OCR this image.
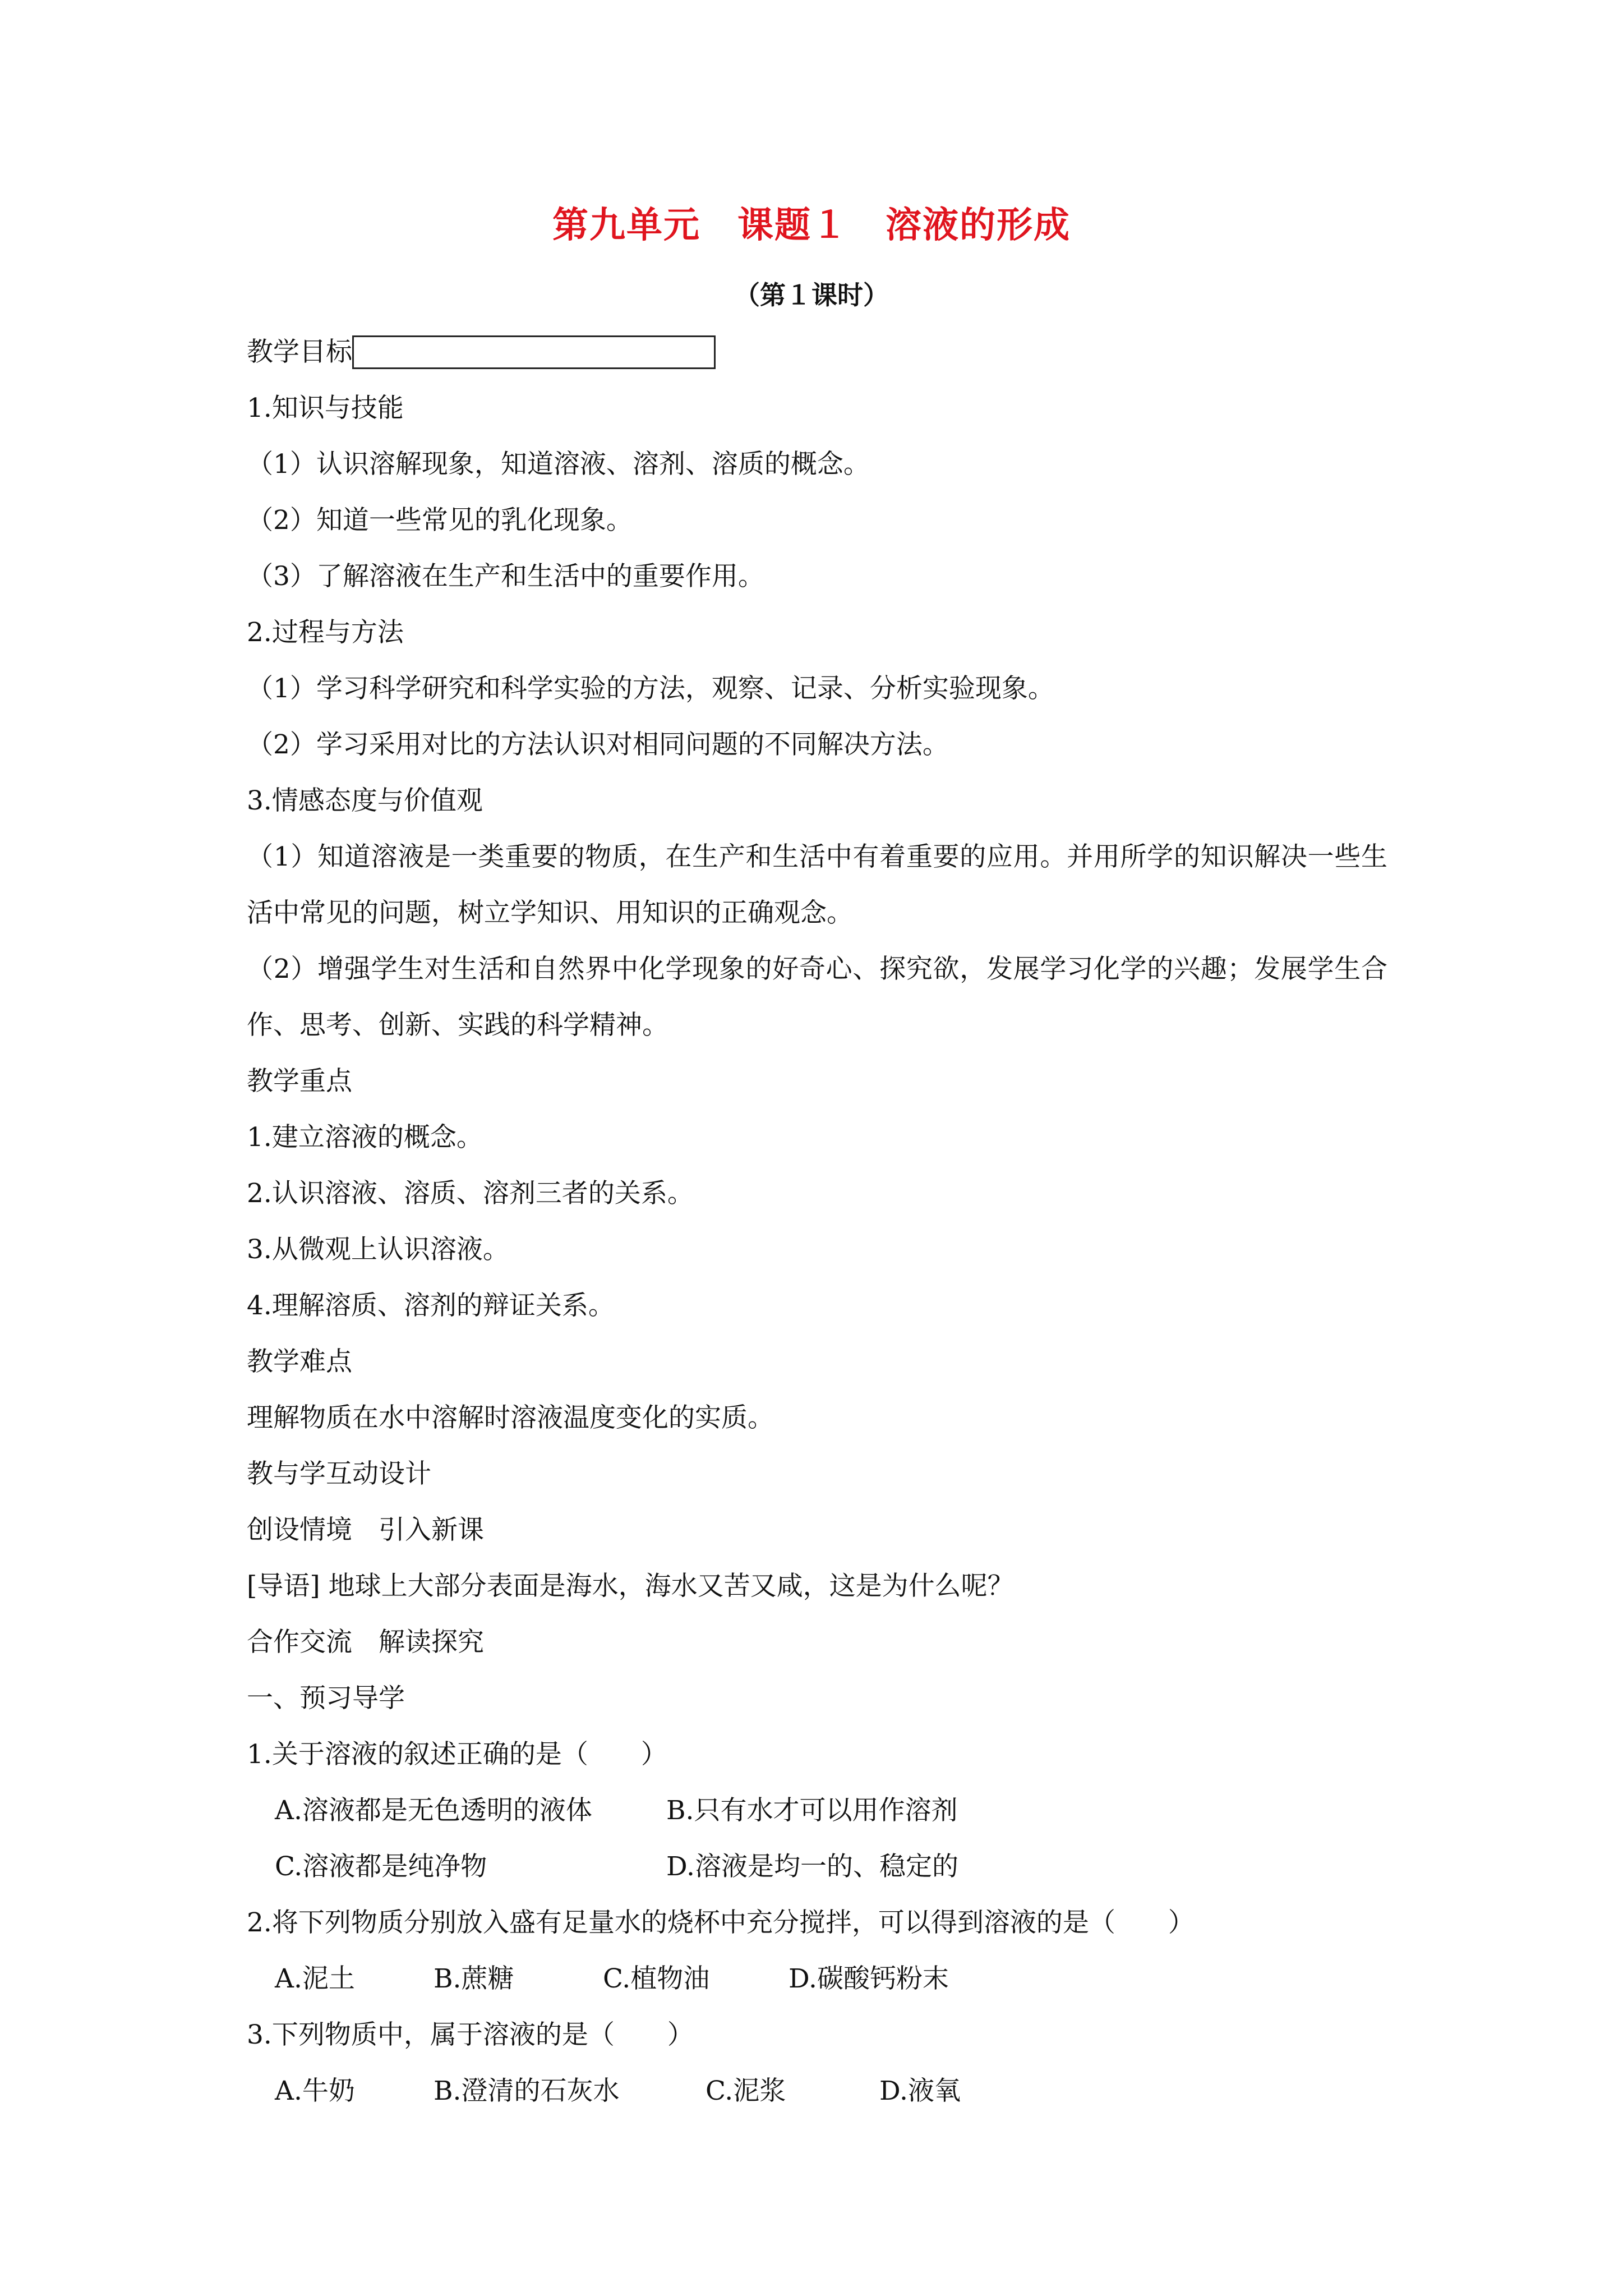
第九单元　课题１　溶液的形成
（第１课时）
教学目标
1.知识与技能
（1）认识溶解现象，知道溶液、溶剂、溶质的概念。
（2）知道一些常见的乳化现象。
（3）了解溶液在生产和生活中的重要作用。
2.过程与方法
（1）学习科学研究和科学实验的方法，观察、记录、分析实验现象。
（2）学习采用对比的方法认识对相同问题的不同解决方法。
3.情感态度与价值观
（1）知道溶液是一类重要的物质，在生产和生活中有着重要的应用。并用所学的知识解决一些生活中常见的问题，树立学知识、用知识的正确观念。
（2）增强学生对生活和自然界中化学现象的好奇心、探究欲，发展学习化学的兴趣；发展学生合作、思考、创新、实践的科学精神。
教学重点
1.建立溶液的概念。
2.认识溶液、溶质、溶剂三者的关系。
3.从微观上认识溶液。
4.理解溶质、溶剂的辩证关系。
教学难点
理解物质在水中溶解时溶液温度变化的实质。
教与学互动设计
创设情境　引入新课
[导语] 地球上大部分表面是海水，海水又苦又咸，这是为什么呢？
合作交流　解读探究
一、预习导学
1.关于溶液的叙述正确的是（　　）
A.溶液都是无色透明的液体	B.只有水才可以用作溶剂
C.溶液都是纯净物	D.溶液是均一的、稳定的
2.将下列物质分别放入盛有足量水的烧杯中充分搅拌，可以得到溶液的是（　　）
A.泥土	B.蔗糖	C.植物油	D.碳酸钙粉末
3.下列物质中，属于溶液的是（　　）
A.牛奶	B.澄清的石灰水	C.泥浆	D.液氧
